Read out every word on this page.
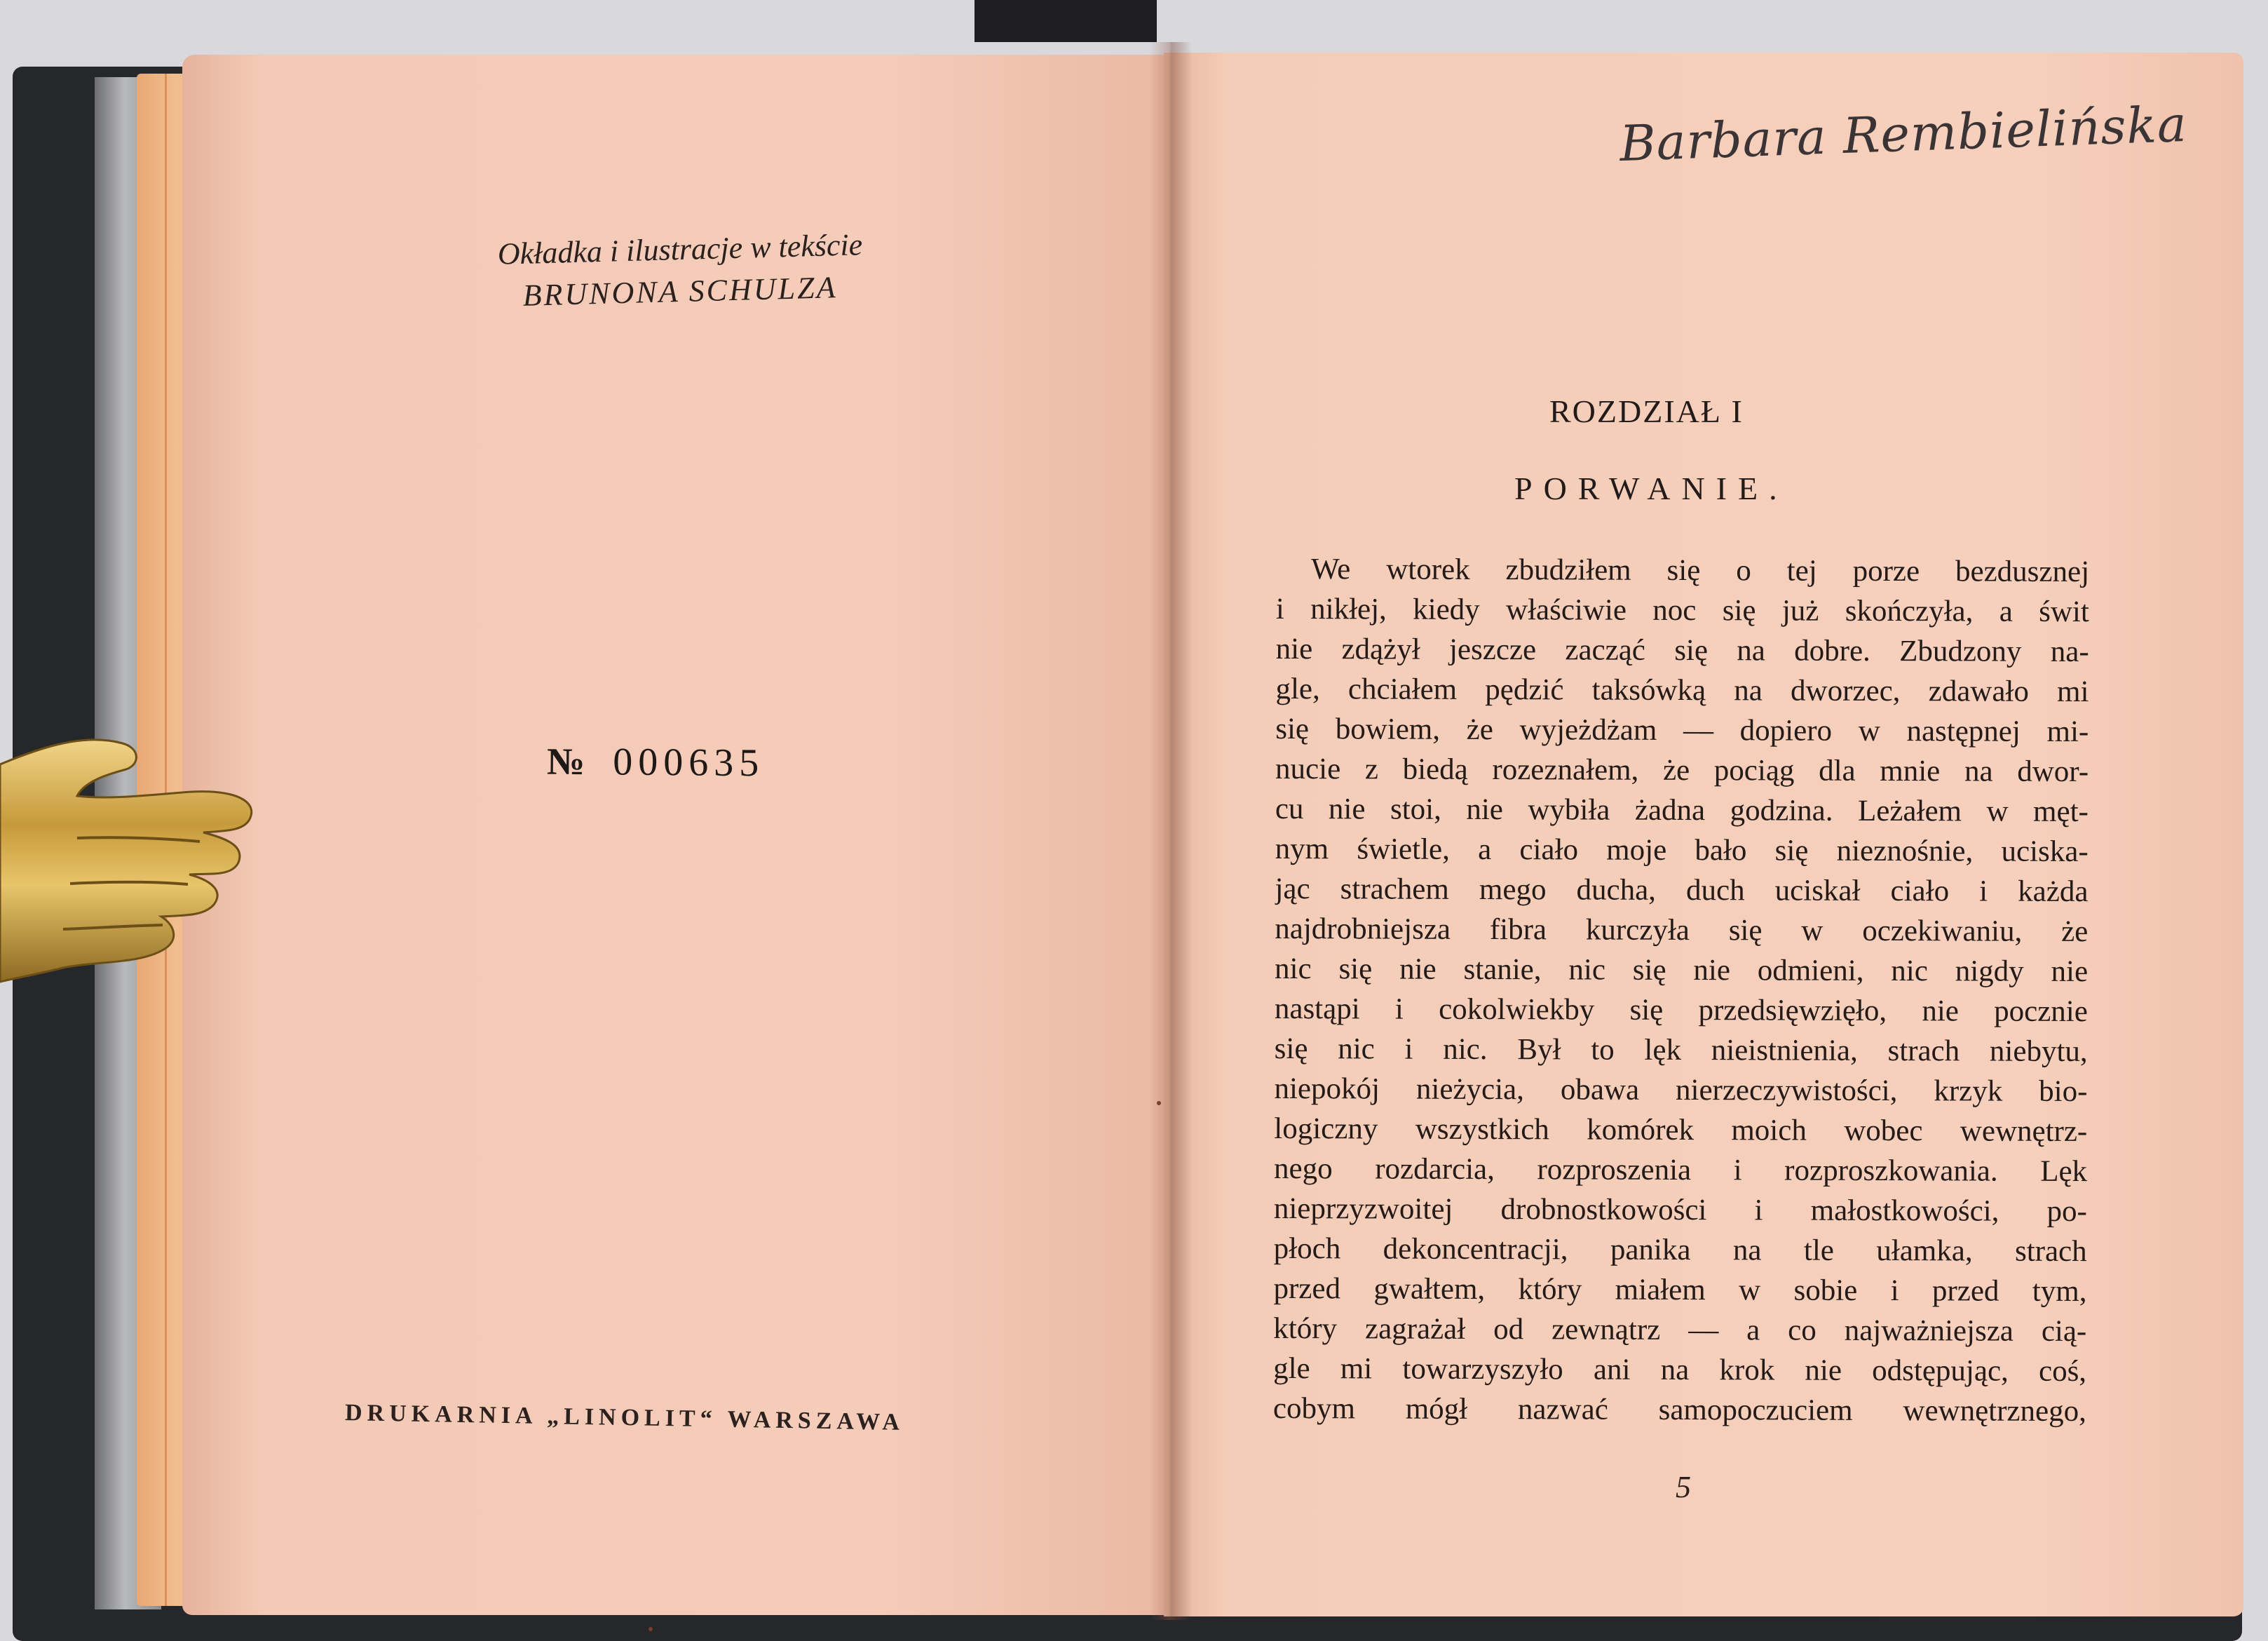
Okładka i ilustracje w tekście
BRUNONA SCHULZA
№ 000635
DRUKARNIA „LINOLIT“ WARSZAWA
Barbara Rembielińska
ROZDZIAŁ I
PORWANIE.
We wtorek zbudziłem się o tej porze bezdusznej
i nikłej, kiedy właściwie noc się już skończyła, a świt
nie zdążył jeszcze zacząć się na dobre. Zbudzony na-
gle, chciałem pędzić taksówką na dworzec, zdawało mi
się bowiem, że wyjeżdżam — dopiero w następnej mi-
nucie z biedą rozeznałem, że pociąg dla mnie na dwor-
cu nie stoi, nie wybiła żadna godzina. Leżałem w męt-
nym świetle, a ciało moje bało się nieznośnie, uciska-
jąc strachem mego ducha, duch uciskał ciało i każda
najdrobniejsza fibra kurczyła się w oczekiwaniu, że
nic się nie stanie, nic się nie odmieni, nic nigdy nie
nastąpi i cokolwiekby się przedsięwzięło, nie pocznie
się nic i nic. Był to lęk nieistnienia, strach niebytu,
niepokój nieżycia, obawa nierzeczywistości, krzyk bio-
logiczny wszystkich komórek moich wobec wewnętrz-
nego rozdarcia, rozproszenia i rozproszkowania. Lęk
nieprzyzwoitej drobnostkowości i małostkowości, po-
płoch dekoncentracji, panika na tle ułamka, strach
przed gwałtem, który miałem w sobie i przed tym,
który zagrażał od zewnątrz — a co najważniejsza cią-
gle mi towarzyszyło ani na krok nie odstępując, coś,
cobym mógł nazwać samopoczuciem wewnętrznego,
5
